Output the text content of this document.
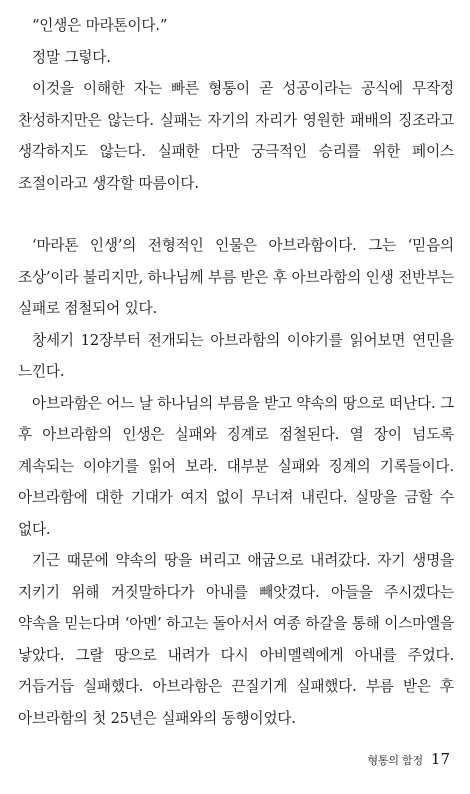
“인생은 마라톤이다.”

정말 그렇다.

이것을 이해한 자는 빠른 형통이 곧 성공이라는 공식에 무작정 찬성하지만은 않는다. 실패는 자기의 자리가 영원한 패배의 징조라고 생각하지도 않는다. 실패한 다만 궁극적인 승리를 위한 페이스 조절이라고 생각할 따름이다.

‘마라톤 인생’의 전형적인 인물은 아브라함이다. 그는 ‘믿음의 조상’이라 불리지만, 하나님께 부름 받은 후 아브라함의 인생 전반부는 실패로 점철되어 있다.

창세기 12장부터 전개되는 아브라함의 이야기를 읽어보면 연민을 느낀다.

아브라함은 어느 날 하나님의 부름을 받고 약속의 땅으로 떠난다. 그 후 아브라함의 인생은 실패와 징계로 점철된다. 열 장이 넘도록 계속되는 이야기를 읽어 보라. 대부분 실패와 징계의 기록들이다. 아브라함에 대한 기대가 여지 없이 무너져 내린다. 실망을 금할 수 없다.

기근 때문에 약속의 땅을 버리고 애굽으로 내려갔다. 자기 생명을 지키기 위해 거짓말하다가 아내를 빼앗겼다. 아들을 주시겠다는 약속을 믿는다며 ‘아멘’ 하고는 돌아서서 여종 하갈을 통해 이스마엘을 낳았다. 그랄 땅으로 내려가 다시 아비멜렉에게 아내를 주었다. 거듭거듭 실패했다. 아브라함은 끈질기게 실패했다. 부름 받은 후 아브라함의 첫 25년은 실패와의 동행이었다.

형통의 함정 17
